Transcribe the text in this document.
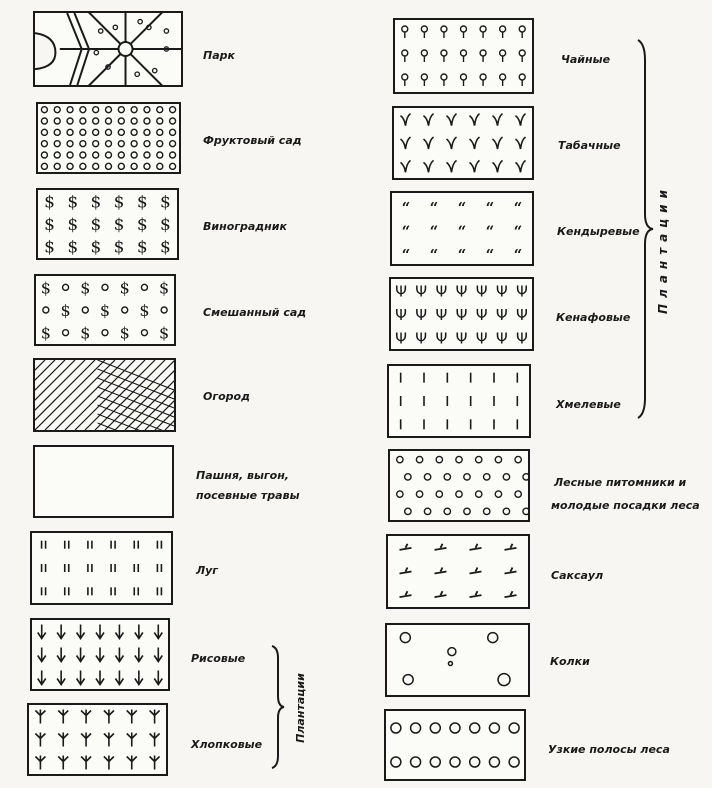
Парк
Фруктовый сад
$ $ $ $ $ $
$ $ $ $ $ $
$ $ $ $ $ $
Виноградник
$ $ $ $
$ $ $
$ $ $ $
Смешанный сад
Огород
Пашня, выгон,
посевные травы
Луг
Рисовые
Хлопковые
Плантации
Чайные
Табачные
“ “ “ “ “
“ “ “ “ “
“ “ “ “ “
Кендыревые
Ψ Ψ Ψ Ψ Ψ Ψ Ψ
Ψ Ψ Ψ Ψ Ψ Ψ Ψ
Ψ Ψ Ψ Ψ Ψ Ψ Ψ
Кенафовые
Хмелевые
Лесные питомники и
молодые посадки леса
Саксаул
Колки
Узкие полосы леса
Плантации
